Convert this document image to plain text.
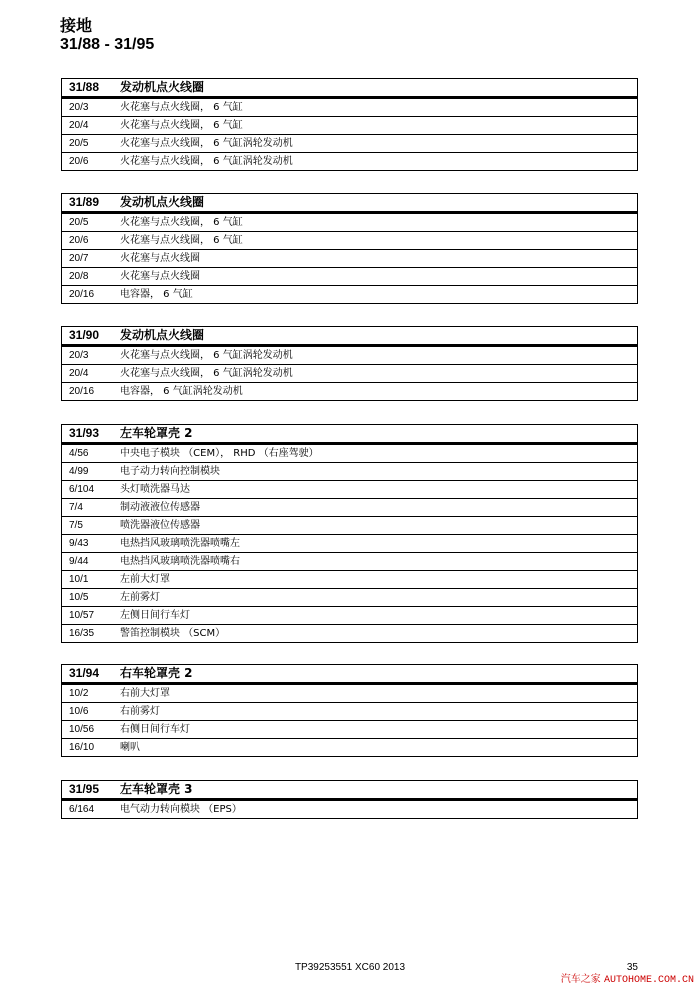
接地
31/88 - 31/95
31/88	发动机点火线圈
20/3	火花塞与点火线圈， 6 气缸
20/4	火花塞与点火线圈， 6 气缸
20/5	火花塞与点火线圈， 6 气缸涡轮发动机
20/6	火花塞与点火线圈， 6 气缸涡轮发动机
31/89	发动机点火线圈
20/5	火花塞与点火线圈， 6 气缸
20/6	火花塞与点火线圈， 6 气缸
20/7	火花塞与点火线圈
20/8	火花塞与点火线圈
20/16	电容器， 6 气缸
31/90	发动机点火线圈
20/3	火花塞与点火线圈， 6 气缸涡轮发动机
20/4	火花塞与点火线圈， 6 气缸涡轮发动机
20/16	电容器， 6 气缸涡轮发动机
31/93	左车轮罩壳 2
4/56	中央电子模块 （CEM）， RHD （右座驾驶）
4/99	电子动力转向控制模块
6/104	头灯喷洗器马达
7/4	制动液液位传感器
7/5	喷洗器液位传感器
9/43	电热挡风玻璃喷洗器喷嘴左
9/44	电热挡风玻璃喷洗器喷嘴右
10/1	左前大灯罩
10/5	左前雾灯
10/57	左侧日间行车灯
16/35	警笛控制模块 （SCM）
31/94	右车轮罩壳 2
10/2	右前大灯罩
10/6	右前雾灯
10/56	右侧日间行车灯
16/10	喇叭
31/95	左车轮罩壳 3
6/164	电气动力转向模块 （EPS）
TP39253551 XC60 2013	35
汽车之家 AUTOHOME.COM.CN
